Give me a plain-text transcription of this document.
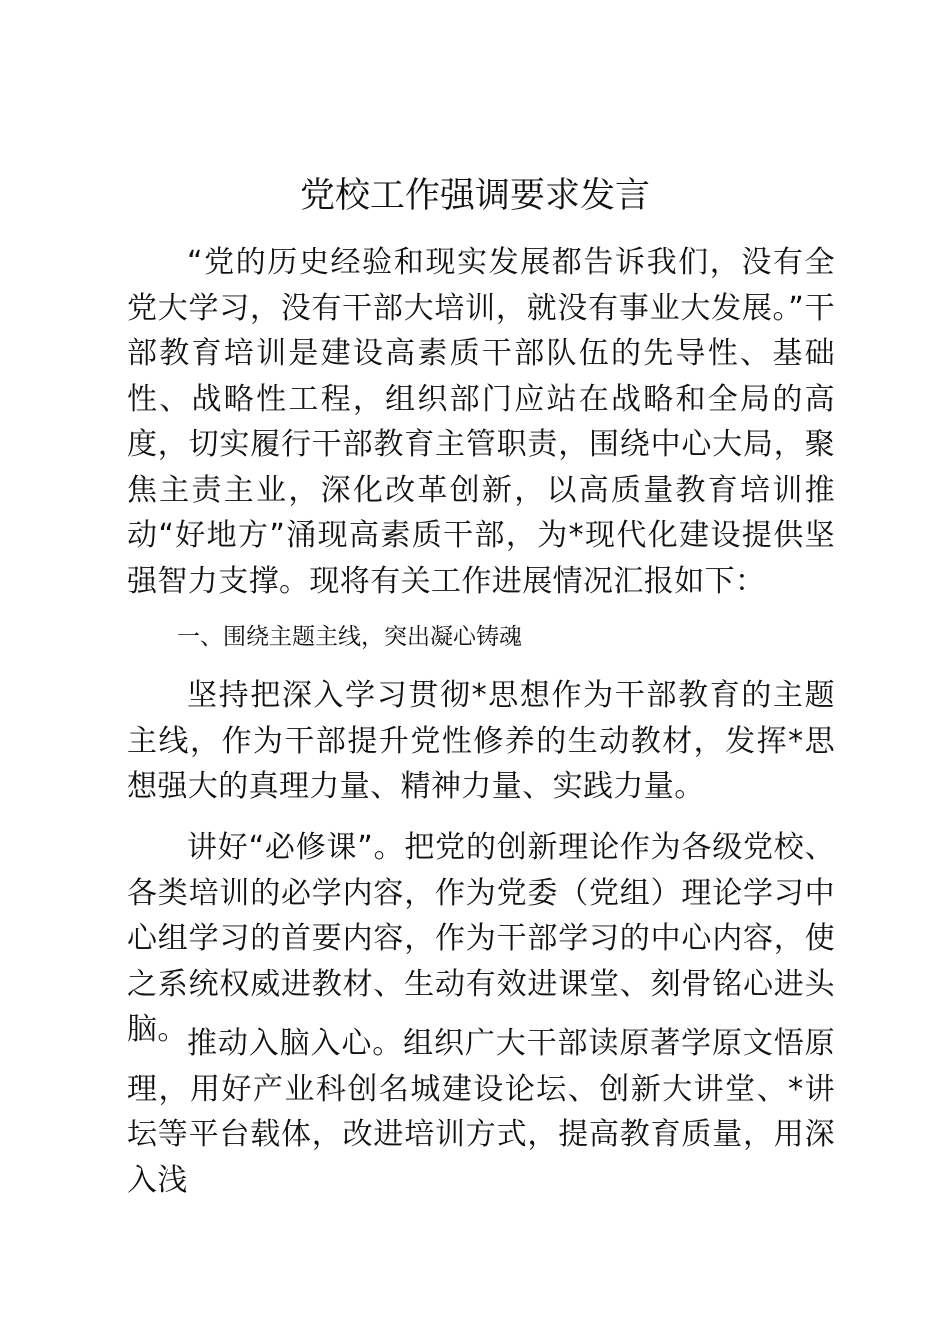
党校工作强调要求发言

“党的历史经验和现实发展都告诉我们，没有全党大学习，没有干部大培训，就没有事业大发展。”干部教育培训是建设高素质干部队伍的先导性、基础性、战略性工程，组织部门应站在战略和全局的高度，切实履行干部教育主管职责，围绕中心大局，聚焦主责主业，深化改革创新，以高质量教育培训推动“好地方”涌现高素质干部，为*现代化建设提供坚强智力支撑。现将有关工作进展情况汇报如下：

一、围绕主题主线，突出凝心铸魂

坚持把深入学习贯彻*思想作为干部教育的主题主线，作为干部提升党性修养的生动教材，发挥*思想强大的真理力量、精神力量、实践力量。

讲好“必修课”。把党的创新理论作为各级党校、各类培训的必学内容，作为党委（党组）理论学习中心组学习的首要内容，作为干部学习的中心内容，使之系统权威进教材、生动有效进课堂、刻骨铭心进头脑。 推动入脑入心。组织广大干部读原著学原文悟原理，用好产业科创名城建设论坛、创新大讲堂、*讲坛等平台载体，改进培训方式，提高教育质量，用深入浅
